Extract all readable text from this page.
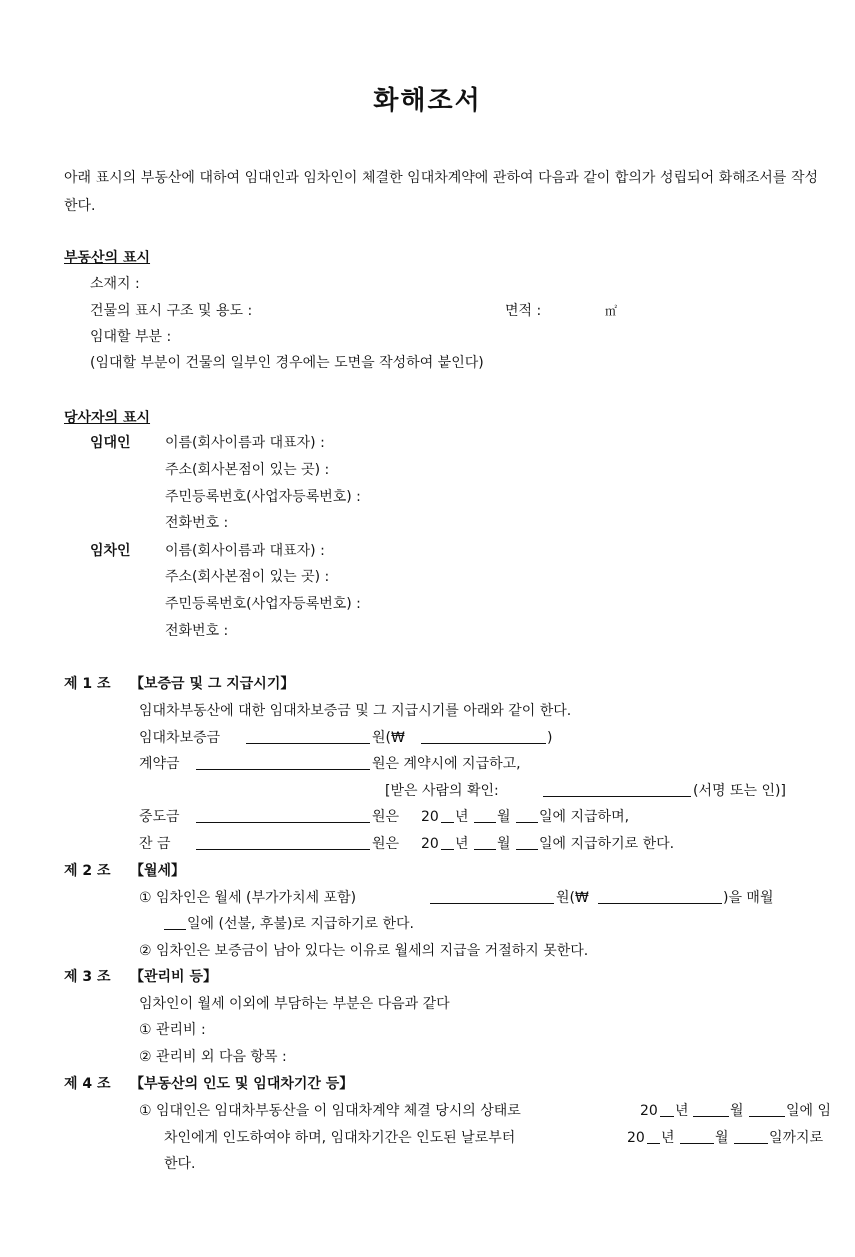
화해조서
아래 표시의 부동산에 대하여 임대인과 임차인이 체결한 임대차계약에 관하여 다음과 같이 합의가 성립되어 화해조서를 작성한다.
부동산의 표시
소재지 :
건물의 표시 구조 및 용도 :	면적 :	㎡
임대할 부분 :
(임대할 부분이 건물의 일부인 경우에는 도면을 작성하여 붙인다)
당사자의 표시
임대인 이름(회사이름과 대표자) :
주소(회사본점이 있는 곳) :
주민등록번호(사업자등록번호) :
전화번호 :
임차인 이름(회사이름과 대표자) :
주소(회사본점이 있는 곳) :
주민등록번호(사업자등록번호) :
전화번호 :
제 1 조 【보증금 및 그 지급시기】
임대차부동산에 대한 임대차보증금 및 그 지급시기를 아래와 같이 한다.
임대차보증금	원(₩	)
계약금	원은 계약시에 지급하고,
[받은 사람의 확인:	(서명 또는 인)]
중도금	원은 20 년 월 일에 지급하며,
잔 금	원은 20 년 월 일에 지급하기로 한다.
제 2 조 【월세】
① 임차인은 월세 (부가가치세 포함)	원(₩	)을 매월
일에 (선불, 후불)로 지급하기로 한다.
② 임차인은 보증금이 남아 있다는 이유로 월세의 지급을 거절하지 못한다.
제 3 조 【관리비 등】
임차인이 월세 이외에 부담하는 부분은 다음과 같다
① 관리비 :
② 관리비 외 다음 항목 :
제 4 조 【부동산의 인도 및 임대차기간 등】
① 임대인은 임대차부동산을 이 임대차계약 체결 당시의 상태로	20 년	월	일에 임
차인에게 인도하여야 하며, 임대차기간은 인도된 날로부터	20 년	월	일까지로
한다.
